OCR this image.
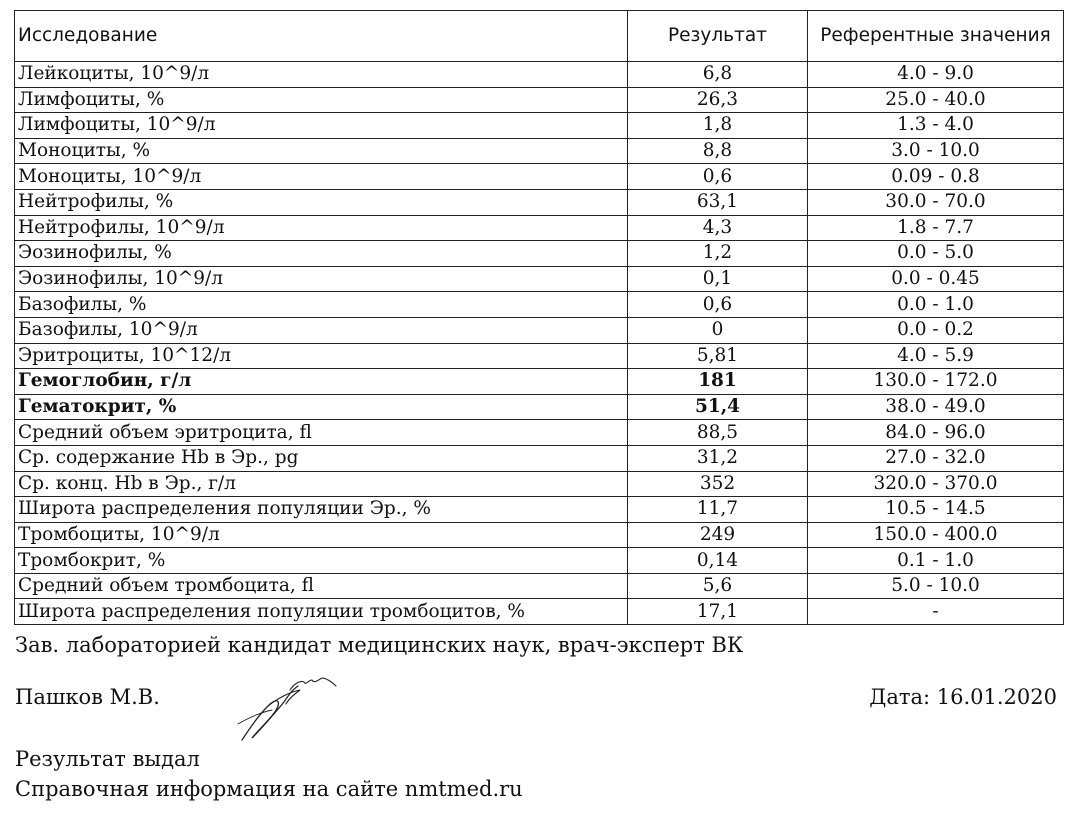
Исследование	Результат	Референтные значения
Лейкоциты, 10^9/л	6,8	4.0 - 9.0
Лимфоциты, %	26,3	25.0 - 40.0
Лимфоциты, 10^9/л	1,8	1.3 - 4.0
Моноциты, %	8,8	3.0 - 10.0
Моноциты, 10^9/л	0,6	0.09 - 0.8
Нейтрофилы, %	63,1	30.0 - 70.0
Нейтрофилы, 10^9/л	4,3	1.8 - 7.7
Эозинофилы, %	1,2	0.0 - 5.0
Эозинофилы, 10^9/л	0,1	0.0 - 0.45
Базофилы, %	0,6	0.0 - 1.0
Базофилы, 10^9/л	0	0.0 - 0.2
Эритроциты, 10^12/л	5,81	4.0 - 5.9
Гемоглобин, г/л	181	130.0 - 172.0
Гематокрит, %	51,4	38.0 - 49.0
Средний объем эритроцита, fl	88,5	84.0 - 96.0
Ср. содержание Hb в Эр., pg	31,2	27.0 - 32.0
Ср. конц. Hb в Эр., г/л	352	320.0 - 370.0
Широта распределения популяции Эр., %	11,7	10.5 - 14.5
Тромбоциты, 10^9/л	249	150.0 - 400.0
Тромбокрит, %	0,14	0.1 - 1.0
Средний объем тромбоцита, fl	5,6	5.0 - 10.0
Широта распределения популяции тромбоцитов, %	17,1	-
Зав. лабораторией кандидат медицинских наук, врач-эксперт ВК
Пашков М.В.	Дата: 16.01.2020
Результат выдал
Справочная информация на сайте nmtmed.ru
